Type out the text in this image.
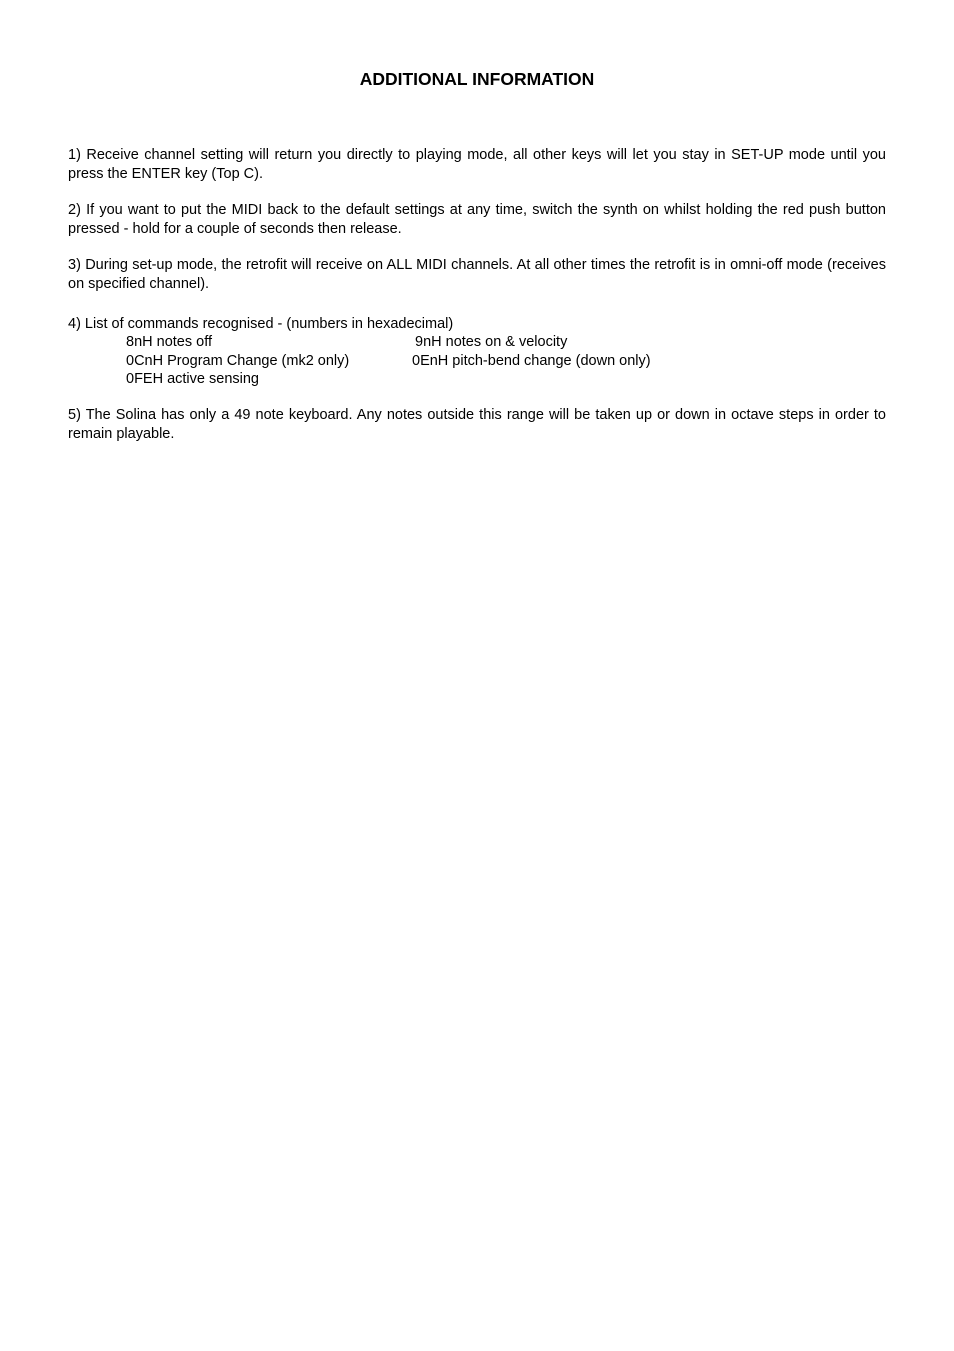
ADDITIONAL INFORMATION
1) Receive channel setting will return you directly to playing mode, all other keys will let you stay in SET-UP mode until you press the ENTER key (Top C).
2) If you want to put the MIDI back to the default settings at any time, switch the synth on whilst holding the red push button pressed - hold for a couple of seconds then release.
3) During set-up mode, the retrofit will receive on ALL MIDI channels. At all other times the retrofit is in omni-off mode (receives on specified channel).
4) List of commands recognised - (numbers in hexadecimal)
8nH notes off	9nH notes on & velocity
0CnH Program Change (mk2 only)	0EnH pitch-bend change (down only)
0FEH active sensing
5) The Solina has only a 49 note keyboard. Any notes outside this range will be taken up or down in octave steps in order to remain playable.
